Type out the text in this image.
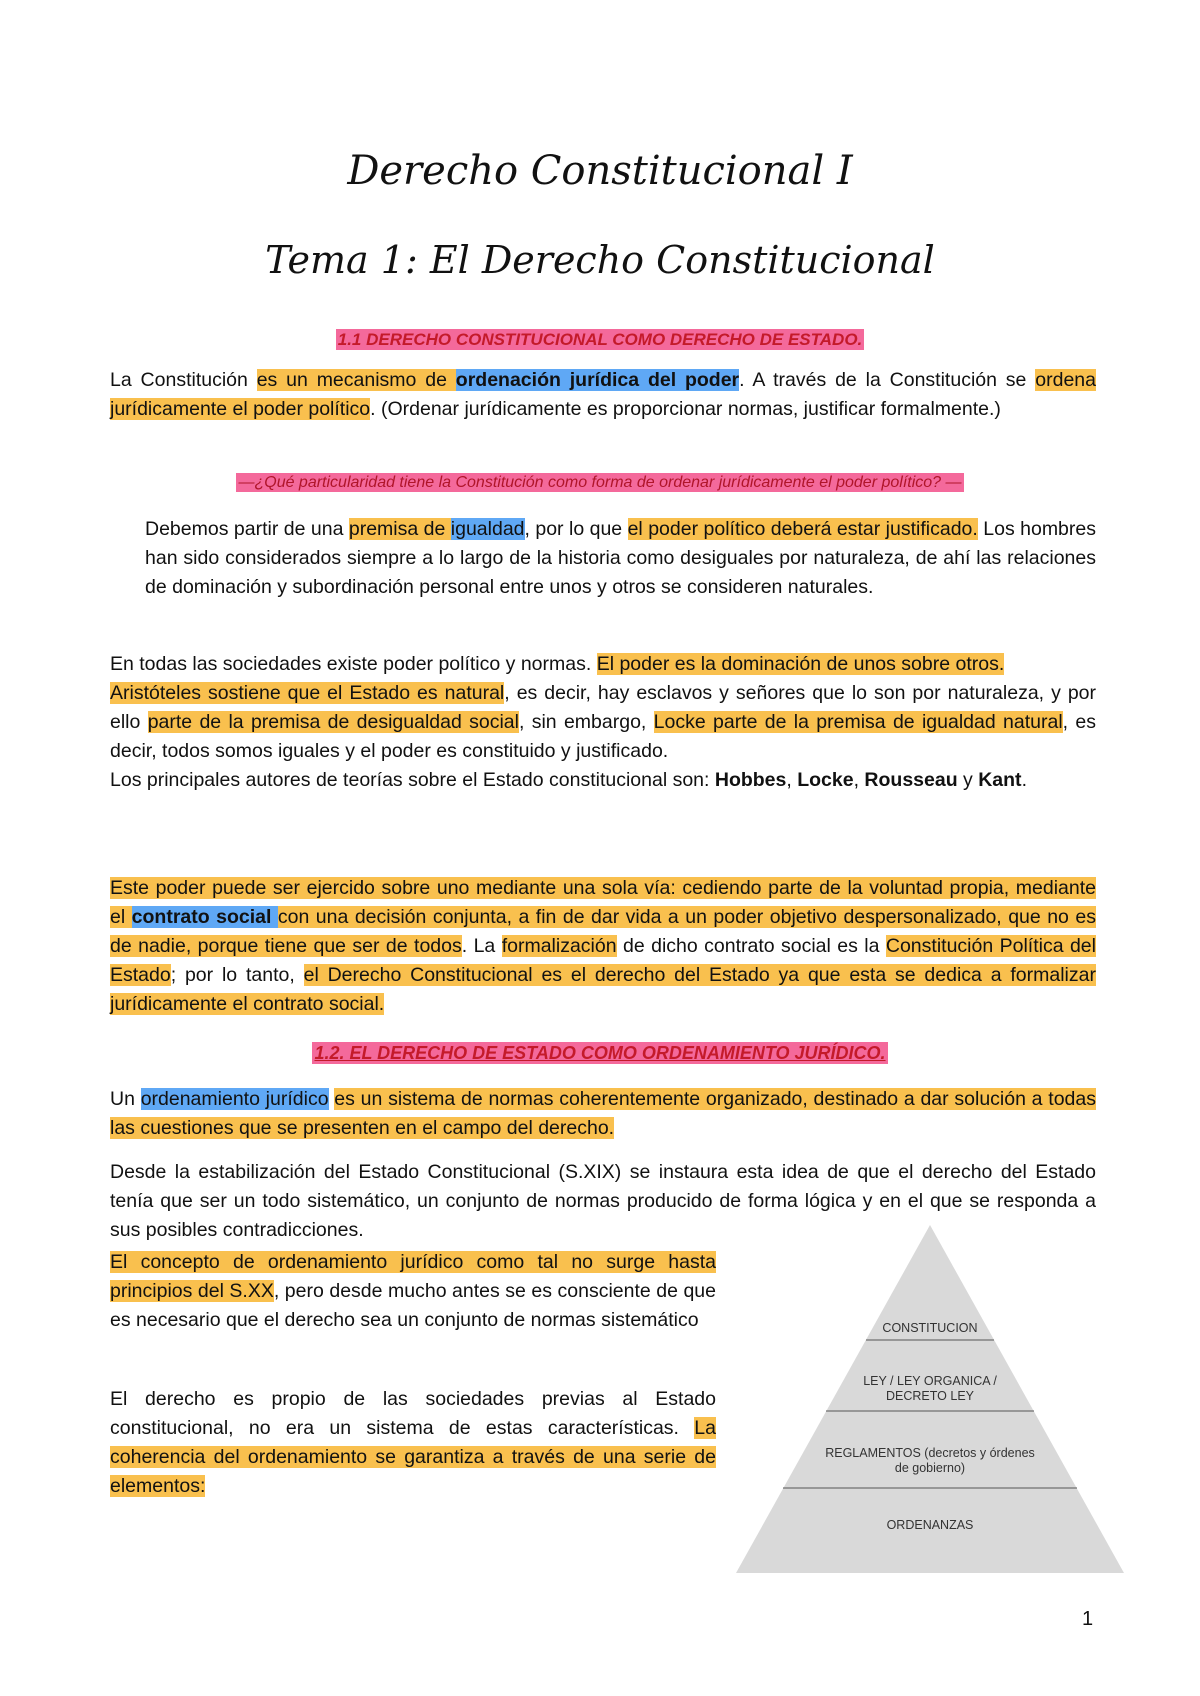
Derecho Constitucional I
Tema 1: El Derecho Constitucional
1.1 DERECHO CONSTITUCIONAL COMO DERECHO DE ESTADO.
La Constitución es un mecanismo de ordenación jurídica del poder. A través de la Constitución se ordena jurídicamente el poder político. (Ordenar jurídicamente es proporcionar normas, justificar formalmente.)
—¿Qué particularidad tiene la Constitución como forma de ordenar jurídicamente el poder político? —
Debemos partir de una premisa de igualdad, por lo que el poder político deberá estar justificado. Los hombres han sido considerados siempre a lo largo de la historia como desiguales por naturaleza, de ahí las relaciones de dominación y subordinación personal entre unos y otros se consideren naturales.
En todas las sociedades existe poder político y normas. El poder es la dominación de unos sobre otros.
Aristóteles sostiene que el Estado es natural, es decir, hay esclavos y señores que lo son por naturaleza, y por ello parte de la premisa de desigualdad social, sin embargo, Locke parte de la premisa de igualdad natural, es decir, todos somos iguales y el poder es constituido y justificado.
Los principales autores de teorías sobre el Estado constitucional son: Hobbes, Locke, Rousseau y Kant.
Este poder puede ser ejercido sobre uno mediante una sola vía: cediendo parte de la voluntad propia, mediante el contrato social con una decisión conjunta, a fin de dar vida a un poder objetivo despersonalizado, que no es de nadie, porque tiene que ser de todos. La formalización de dicho contrato social es la Constitución Política del Estado; por lo tanto, el Derecho Constitucional es el derecho del Estado ya que esta se dedica a formalizar jurídicamente el contrato social.
1.2. EL DERECHO DE ESTADO COMO ORDENAMIENTO JURÍDICO.
Un ordenamiento jurídico es un sistema de normas coherentemente organizado, destinado a dar solución a todas las cuestiones que se presenten en el campo del derecho.
Desde la estabilización del Estado Constitucional (S.XIX) se instaura esta idea de que el derecho del Estado tenía que ser un todo sistemático, un conjunto de normas producido de forma lógica y en el que se responda a sus posibles contradicciones.
El concepto de ordenamiento jurídico como tal no surge hasta principios del S.XX, pero desde mucho antes se es consciente de que es necesario que el derecho sea un conjunto de normas sistemático
El derecho es propio de las sociedades previas al Estado constitucional, no era un sistema de estas características. La coherencia del ordenamiento se garantiza a través de una serie de elementos:
CONSTITUCION
LEY / LEY ORGANICA /
DECRETO LEY
REGLAMENTOS (decretos y órdenes
de gobierno)
ORDENANZAS
1
